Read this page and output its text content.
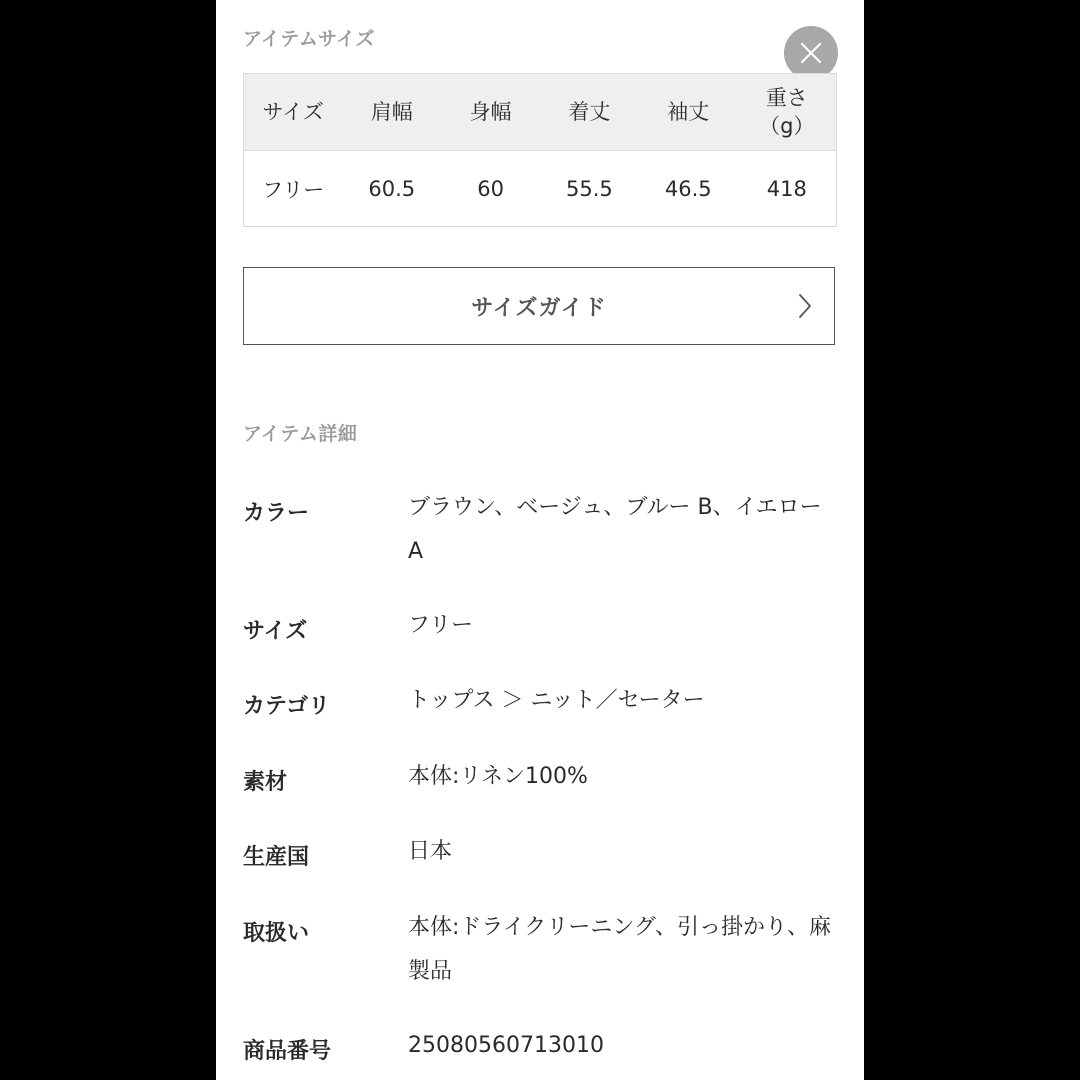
アイテムサイズ
サイズ	肩幅	身幅	着丈	袖丈	重さ
（g）

フリー	60.5	60	55.5	46.5	418
サイズガイド
アイテム詳細
カラー	ブラウン、ベージュ、ブルー B、イエロー A
サイズ	フリー
カテゴリ	トップス ＞ ニット／セーター
素材	本体:リネン100%
生産国	日本
取扱い	本体:ドライクリーニング、引っ掛かり、麻製品
商品番号	25080560713010
